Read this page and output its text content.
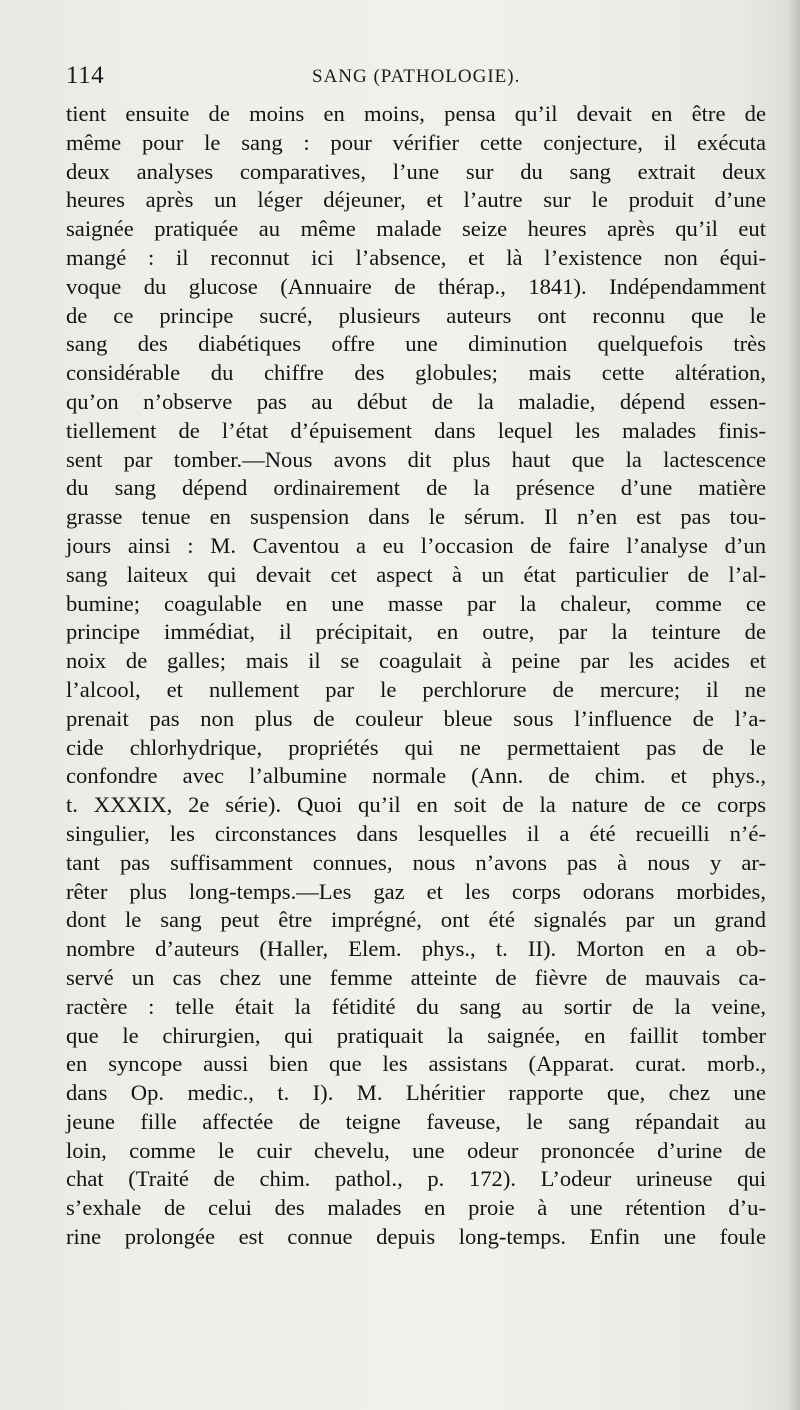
114	SANG (PATHOLOGIE).
tient ensuite de moins en moins, pensa qu’il devait en être de
même pour le sang : pour vérifier cette conjecture, il exécuta
deux analyses comparatives, l’une sur du sang extrait deux
heures après un léger déjeuner, et l’autre sur le produit d’une
saignée pratiquée au même malade seize heures après qu’il eut
mangé : il reconnut ici l’absence, et là l’existence non équi-
voque du glucose (Annuaire de thérap., 1841). Indépendamment
de ce principe sucré, plusieurs auteurs ont reconnu que le
sang des diabétiques offre une diminution quelquefois très
considérable du chiffre des globules; mais cette altération,
qu’on n’observe pas au début de la maladie, dépend essen-
tiellement de l’état d’épuisement dans lequel les malades finis-
sent par tomber.—Nous avons dit plus haut que la lactescence
du sang dépend ordinairement de la présence d’une matière
grasse tenue en suspension dans le sérum. Il n’en est pas tou-
jours ainsi : M. Caventou a eu l’occasion de faire l’analyse d’un
sang laiteux qui devait cet aspect à un état particulier de l’al-
bumine; coagulable en une masse par la chaleur, comme ce
principe immédiat, il précipitait, en outre, par la teinture de
noix de galles; mais il se coagulait à peine par les acides et
l’alcool, et nullement par le perchlorure de mercure; il ne
prenait pas non plus de couleur bleue sous l’influence de l’a-
cide chlorhydrique, propriétés qui ne permettaient pas de le
confondre avec l’albumine normale (Ann. de chim. et phys.,
t. XXXIX, 2e série). Quoi qu’il en soit de la nature de ce corps
singulier, les circonstances dans lesquelles il a été recueilli n’é-
tant pas suffisamment connues, nous n’avons pas à nous y ar-
rêter plus long-temps.—Les gaz et les corps odorans morbides,
dont le sang peut être imprégné, ont été signalés par un grand
nombre d’auteurs (Haller, Elem. phys., t. II). Morton en a ob-
servé un cas chez une femme atteinte de fièvre de mauvais ca-
ractère : telle était la fétidité du sang au sortir de la veine,
que le chirurgien, qui pratiquait la saignée, en faillit tomber
en syncope aussi bien que les assistans (Apparat. curat. morb.,
dans Op. medic., t. I). M. Lhéritier rapporte que, chez une
jeune fille affectée de teigne faveuse, le sang répandait au
loin, comme le cuir chevelu, une odeur prononcée d’urine de
chat (Traité de chim. pathol., p. 172). L’odeur urineuse qui
s’exhale de celui des malades en proie à une rétention d’u-
rine prolongée est connue depuis long-temps. Enfin une foule
